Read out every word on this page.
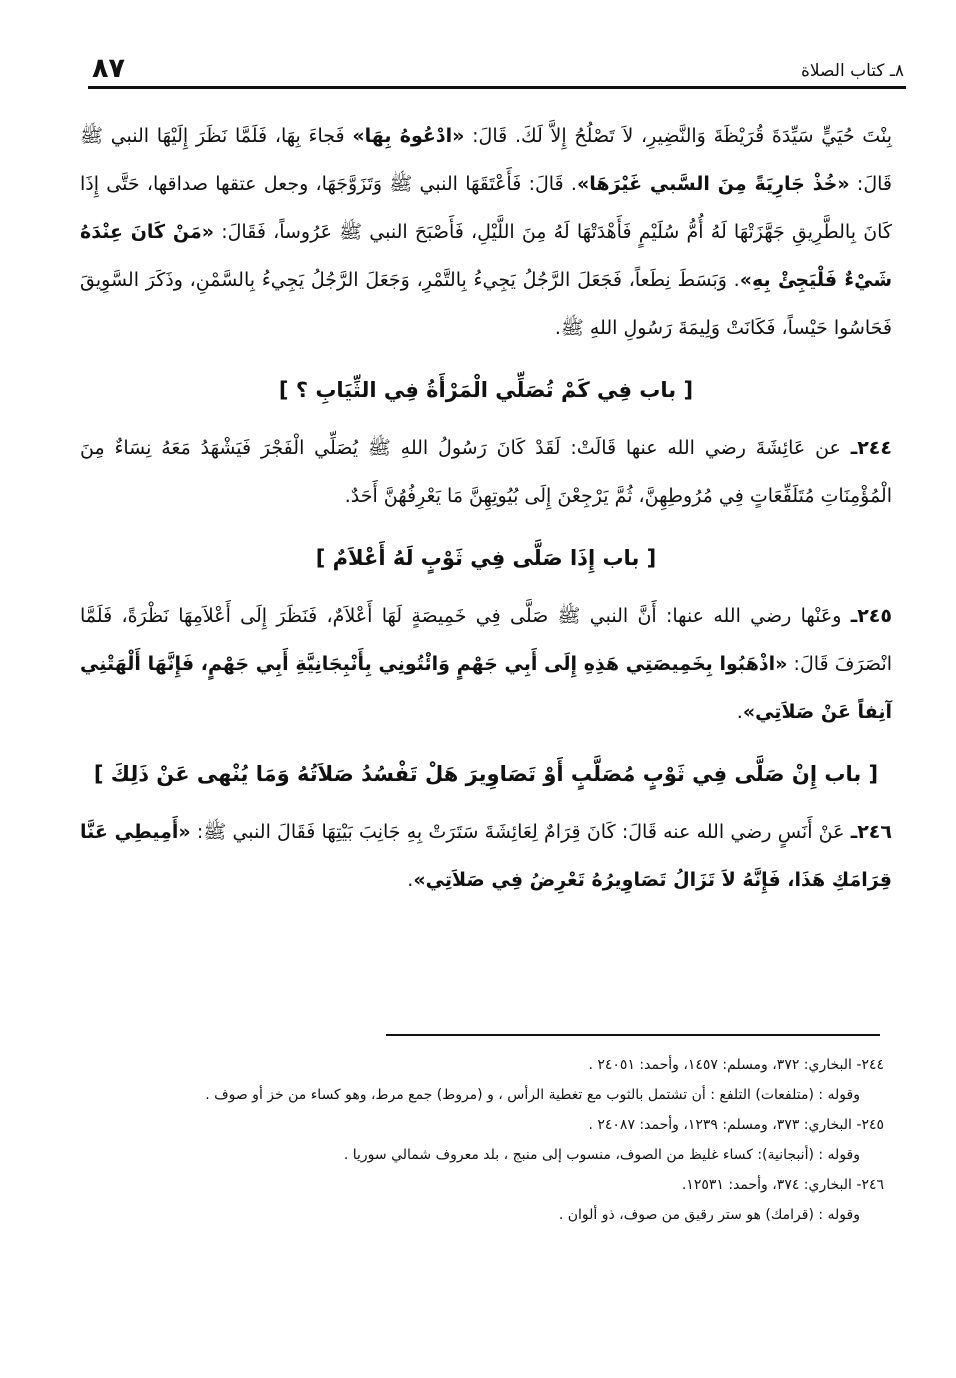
٨٧	٨ـ كتاب الصلاة

بِنْتَ حُيَيٍّ سَيِّدَةَ قُرَيْظَةَ وَالنَّضِيرِ، لاَ تَصْلُحُ إِلاَّ لَكَ. قَالَ: «ادْعُوهُ بِهَا» فَجاءَ بِهَا، فَلَمَّا نَظَرَ إِلَيْهَا النبي ﷺ قَالَ: «خُذْ جَارِيَةً مِنَ السَّبي غَيْرَهَا». قَالَ: فَأَعْتَقَهَا النبي ﷺ وَتَزَوَّجَهَا، وجعل عتقها صداقها، حَتَّى إِذَا كَانَ بِالطَّرِيقِ جَهَّزَتْهَا لَهُ أُمُّ سُلَيْمٍ فَأَهْدَتْهَا لَهُ مِنَ اللَّيْلِ، فَأَصْبَحَ النبي ﷺ عَرُوساً، فَقَالَ: «مَنْ كَانَ عِنْدَهُ شَيْءٌ فَلْيَجِئْ بِهِ». وَبَسَطَ نِطَعاً، فَجَعَلَ الرَّجُلُ يَجِيءُ بِالتَّمْرِ، وَجَعَلَ الرَّجُلُ يَجِيءُ بِالسَّمْنِ، وذَكَرَ السَّوِيقَ فَحَاسُوا حَيْساً، فَكَانَتْ وَلِيمَةَ رَسُولِ اللهِ ﷺ.

[ باب فِي كَمْ تُصَلِّي الْمَرْأَةُ فِي الثِّيَابِ ؟ ]

٢٤٤ـ عن عَائِشَةَ رضي الله عنها قَالَتْ: لَقَدْ كَانَ رَسُولُ اللهِ ﷺ يُصَلِّي الْفَجْرَ فَيَشْهَدُ مَعَهُ نِسَاءٌ مِنَ الْمُؤْمِنَاتِ مُتَلَفِّعَاتٍ فِي مُرُوطِهِنَّ، ثُمَّ يَرْجِعْنَ إِلَى بُيُوتِهِنَّ مَا يَعْرِفُهُنَّ أَحَدٌ.

[ باب إِذَا صَلَّى فِي ثَوْبٍ لَهُ أَعْلاَمٌ ]

٢٤٥ـ وعَنْها رضي الله عنها: أَنَّ النبي ﷺ صَلَّى فِي خَمِيصَةٍ لَهَا أَعْلاَمٌ، فَنَظَرَ إِلَى أَعْلاَمِهَا نَظْرَةً، فَلَمَّا انْصَرَفَ قَالَ: «اذْهَبُوا بِخَمِيصَتِي هَذِهِ إِلَى أَبِي جَهْمٍ وَائْتُونِي بِأَنْبِجَانِيَّةِ أَبِي جَهْمٍ، فَإِنَّهَا أَلْهَتْنِي آنِفاً عَنْ صَلاَتِي».

[ باب إِنْ صَلَّى فِي ثَوْبٍ مُصَلَّبٍ أَوْ تَصَاوِيرَ هَلْ تَفْسُدُ صَلاَتُهُ وَمَا يُنْهى عَنْ ذَلِكَ ]

٢٤٦ـ عَنْ أَنَسٍ رضي الله عنه قَالَ: كَانَ قِرَامٌ لِعَائِشَةَ سَتَرَتْ بِهِ جَانِبَ بَيْتِهَا فَقَالَ النبي ﷺ: «أَمِيطِي عَنَّا قِرَامَكِ هَذَا، فَإِنَّهُ لاَ تَزَالُ تَصَاوِيرُهُ تَعْرِضُ فِي صَلاَتِي».

٢٤٤- البخاري: ٣٧٢، ومسلم: ١٤٥٧، وأحمد: ٢٤٠٥١ .

وقوله : (متلفعات) التلفع : أن تشتمل بالثوب مع تغطية الرأس ، و (مروط) جمع مرط، وهو كساء من خز أو صوف .

٢٤٥- البخاري: ٣٧٣، ومسلم: ١٢٣٩، وأحمد: ٢٤٠٨٧ .

وقوله : (أنبجانية): كساء غليظ من الصوف، منسوب إلى منبج ، بلد معروف شمالي سوريا .

٢٤٦- البخاري: ٣٧٤، وأحمد: ١٢٥٣١.

وقوله : (قرامك) هو ستر رقيق من صوف، ذو ألوان .
